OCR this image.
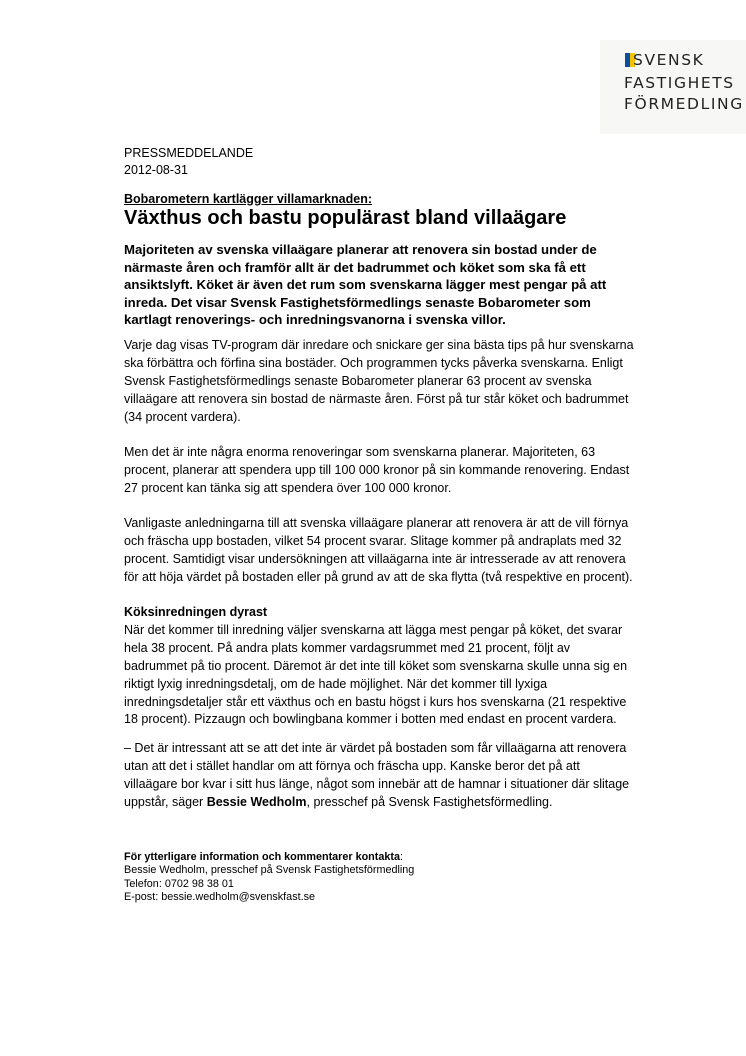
SVENSK
FASTIGHETS
FÖRMEDLING
PRESSMEDDELANDE
2012-08-31
Bobarometern kartlägger villamarknaden:
Växthus och bastu populärast bland villaägare
Majoriteten av svenska villaägare planerar att renovera sin bostad under de
närmaste åren och framför allt är det badrummet och köket som ska få ett
ansiktslyft. Köket är även det rum som svenskarna lägger mest pengar på att
inreda. Det visar Svensk Fastighetsförmedlings senaste Bobarometer som
kartlagt renoverings- och inredningsvanorna i svenska villor.
Varje dag visas TV-program där inredare och snickare ger sina bästa tips på hur svenskarna
ska förbättra och förfina sina bostäder. Och programmen tycks påverka svenskarna. Enligt
Svensk Fastighetsförmedlings senaste Bobarometer planerar 63 procent av svenska
villaägare att renovera sin bostad de närmaste åren. Först på tur står köket och badrummet
(34 procent vardera).
Men det är inte några enorma renoveringar som svenskarna planerar. Majoriteten, 63
procent, planerar att spendera upp till 100 000 kronor på sin kommande renovering. Endast
27 procent kan tänka sig att spendera över 100 000 kronor.
Vanligaste anledningarna till att svenska villaägare planerar att renovera är att de vill förnya
och fräscha upp bostaden, vilket 54 procent svarar. Slitage kommer på andraplats med 32
procent. Samtidigt visar undersökningen att villaägarna inte är intresserade av att renovera
för att höja värdet på bostaden eller på grund av att de ska flytta (två respektive en procent).
Köksinredningen dyrast
När det kommer till inredning väljer svenskarna att lägga mest pengar på köket, det svarar
hela 38 procent. På andra plats kommer vardagsrummet med 21 procent, följt av
badrummet på tio procent. Däremot är det inte till köket som svenskarna skulle unna sig en
riktigt lyxig inredningsdetalj, om de hade möjlighet. När det kommer till lyxiga
inredningsdetaljer står ett växthus och en bastu högst i kurs hos svenskarna (21 respektive
18 procent). Pizzaugn och bowlingbana kommer i botten med endast en procent vardera.
– Det är intressant att se att det inte är värdet på bostaden som får villaägarna att renovera
utan att det i stället handlar om att förnya och fräscha upp. Kanske beror det på att
villaägare bor kvar i sitt hus länge, något som innebär att de hamnar i situationer där slitage
uppstår, säger Bessie Wedholm, presschef på Svensk Fastighetsförmedling.
För ytterligare information och kommentarer kontakta:
Bessie Wedholm, presschef på Svensk Fastighetsförmedling
Telefon: 0702 98 38 01
E-post: bessie.wedholm@svenskfast.se
